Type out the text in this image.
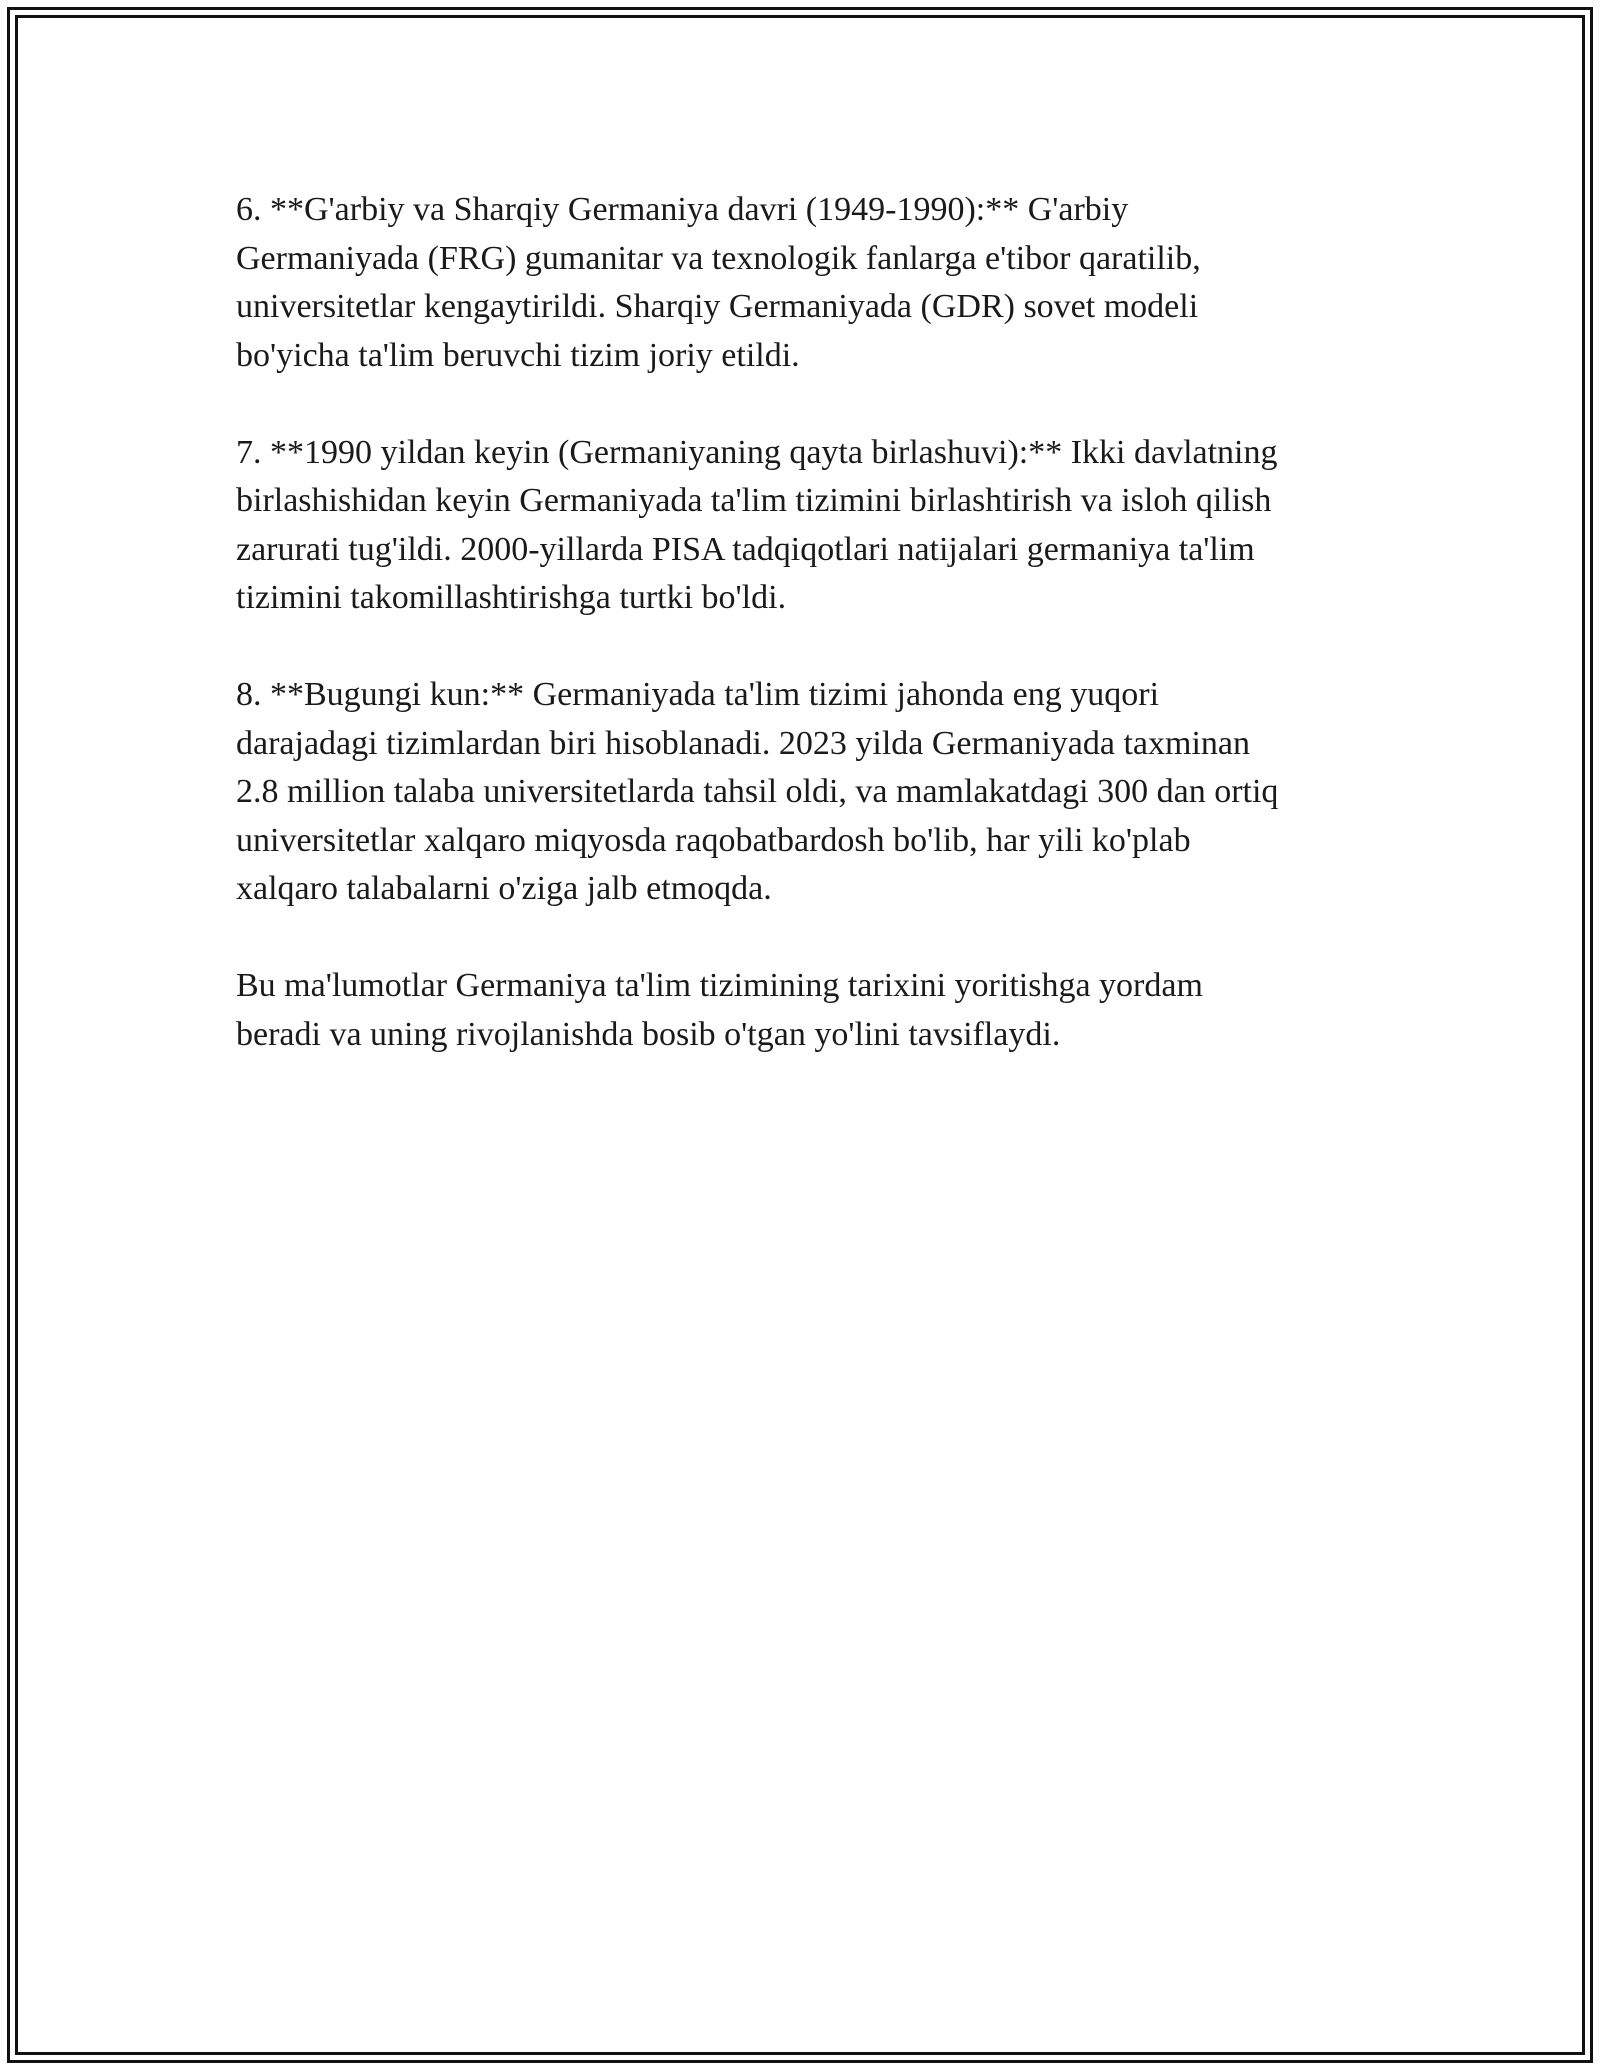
6. **G'arbiy va Sharqiy Germaniya davri (1949-1990):** G'arbiy
Germaniyada (FRG) gumanitar va texnologik fanlarga e'tibor qaratilib,
universitetlar kengaytirildi. Sharqiy Germaniyada (GDR) sovet modeli
bo'yicha ta'lim beruvchi tizim joriy etildi.

7. **1990 yildan keyin (Germaniyaning qayta birlashuvi):** Ikki davlatning
birlashishidan keyin Germaniyada ta'lim tizimini birlashtirish va isloh qilish
zarurati tug'ildi. 2000-yillarda PISA tadqiqotlari natijalari germaniya ta'lim
tizimini takomillashtirishga turtki bo'ldi.

8. **Bugungi kun:** Germaniyada ta'lim tizimi jahonda eng yuqori
darajadagi tizimlardan biri hisoblanadi. 2023 yilda Germaniyada taxminan
2.8 million talaba universitetlarda tahsil oldi, va mamlakatdagi 300 dan ortiq
universitetlar xalqaro miqyosda raqobatbardosh bo'lib, har yili ko'plab
xalqaro talabalarni o'ziga jalb etmoqda.

Bu ma'lumotlar Germaniya ta'lim tizimining tarixini yoritishga yordam
beradi va uning rivojlanishda bosib o'tgan yo'lini tavsiflaydi.
